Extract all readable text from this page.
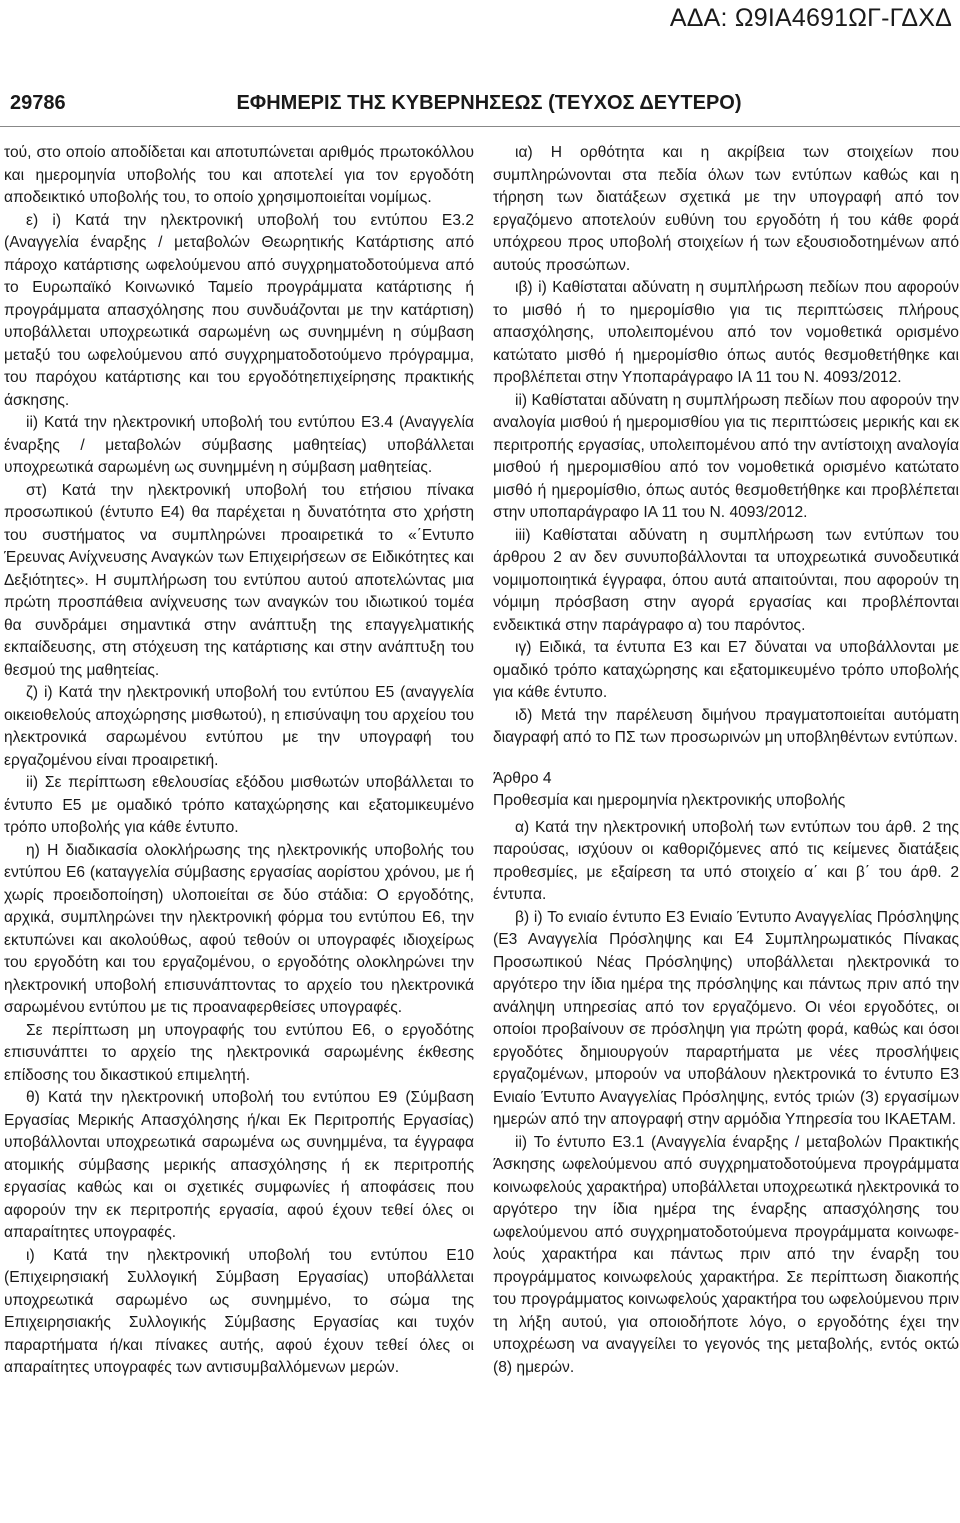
ΑΔΑ: Ω9ΙΑ4691ΩΓ-ΓΔΧΔ
29786	ΕΦΗΜΕΡΙΣ ΤΗΣ ΚΥΒΕΡΝΗΣΕΩΣ (ΤΕΥΧΟΣ ΔΕΥΤΕΡΟ)

τού, στο οποίο αποδίδεται και αποτυπώνεται αριθμός πρωτοκόλλου και ημερομηνία υποβολής του και αποτελεί για τον εργοδότη αποδεικτικό υποβολής του, το οποίο χρησιμοποιείται νομίμως.

ε) i) Κατά την ηλεκτρονική υποβολή του εντύπου Ε3.2 (Αναγγελία έναρξης / μεταβολών Θεωρητικής Κατάρτισης από πάροχο κατάρτισης ωφελούμενου από συγχρηματοδοτούμενα από το Ευρωπαϊκό Κοινωνικό Ταμείο προγράμματα κατάρτισης ή προγράμματα απασχόλησης που συνδυάζονται με την κατάρτιση) υποβάλλεται υποχρεωτικά σαρωμένη ως συνημμένη η σύμβαση μεταξύ του ωφελούμενου από συγχρηματοδοτούμενο πρόγραμμα, του παρόχου κατάρτισης και του εργοδότηεπιχείρησης πρακτικής άσκησης.

ii) Κατά την ηλεκτρονική υποβολή του εντύπου Ε3.4 (Αναγγελία έναρξης / μεταβολών σύμβασης μαθητείας) υποβάλλεται υποχρεωτικά σαρωμένη ως συνημμένη η σύμβαση μαθητείας.

στ) Κατά την ηλεκτρονική υποβολή του ετήσιου πίνακα προσωπικού (έντυπο Ε4) θα παρέχεται η δυνατότητα στο χρήστη του συστήματος να συμπληρώνει προαιρετικά το «΄Εντυπο Έρευνας Ανίχνευσης Αναγκών των Επιχειρήσεων σε Ειδικότητες και Δεξιότητες». Η συμπλήρωση του εντύπου αυτού αποτελώντας μια πρώτη προσπάθεια ανίχνευσης των αναγκών του ιδιωτικού τομέα θα συνδράμει σημαντικά στην ανάπτυξη της επαγγελματικής εκπαίδευσης, στη στόχευση της κατάρτισης και στην ανάπτυξη του θεσμού της μαθητείας.

ζ) i) Κατά την ηλεκτρονική υποβολή του εντύπου Ε5 (αναγγελία οικειοθελούς αποχώρησης μισθωτού), η επισύναψη του αρχείου του ηλεκτρονικά σαρωμένου εντύπου με την υπογραφή του εργαζομένου είναι προαιρετική.

ii) Σε περίπτωση εθελουσίας εξόδου μισθωτών υποβάλλεται το έντυπο Ε5 με ομαδικό τρόπο καταχώρησης και εξατομικευμένο τρόπο υποβολής για κάθε έντυπο.

η) Η διαδικασία ολοκλήρωσης της ηλεκτρονικής υποβολής του εντύπου Ε6 (καταγγελία σύμβασης εργασίας αορίστου χρόνου, με ή χωρίς προειδοποίηση) υλοποιείται σε δύο στάδια: Ο εργοδότης, αρχικά, συμπληρώνει την ηλεκτρονική φόρμα του εντύπου Ε6, την εκτυπώνει και ακολούθως, αφού τεθούν οι υπογραφές ιδιοχείρως του εργοδότη και του εργαζομένου, ο εργοδότης ολοκληρώνει την ηλεκτρονική υποβολή επισυνάπτοντας το αρχείο του ηλεκτρονικά σαρωμένου εντύπου με τις προαναφερθείσες υπογραφές.

Σε περίπτωση μη υπογραφής του εντύπου Ε6, ο εργοδότης επισυνάπτει το αρχείο της ηλεκτρονικά σαρωμένης έκθεσης επίδοσης του δικαστικού επιμελητή.

θ) Κατά την ηλεκτρονική υποβολή του εντύπου Ε9 (Σύμβαση Εργασίας Μερικής Απασχόλησης ή/και Εκ Περιτροπής Εργασίας) υποβάλλονται υποχρεωτικά σαρωμένα ως συνημμένα, τα έγγραφα ατομικής σύμβασης μερικής απασχόλησης ή εκ περιτροπής εργασίας καθώς και οι σχετικές συμφωνίες ή αποφάσεις που αφορούν την εκ περιτροπής εργασία, αφού έχουν τεθεί όλες οι απαραίτητες υπογραφές.

ι) Κατά την ηλεκτρονική υποβολή του εντύπου Ε10 (Επιχειρησιακή Συλλογική Σύμβαση Εργασίας) υποβάλλεται υποχρεωτικά σαρωμένο ως συνημμένο, το σώμα της Επιχειρησιακής Συλλογικής Σύμβασης Εργασίας και τυχόν παραρτήματα ή/και πίνακες αυτής, αφού έχουν τεθεί όλες οι απαραίτητες υπογραφές των αντισυμβαλλόμενων μερών.

ια) Η ορθότητα και η ακρίβεια των στοιχείων που συμπληρώνονται στα πεδία όλων των εντύπων καθώς και η τήρηση των διατάξεων σχετικά με την υπογραφή από τον εργαζόμενο αποτελούν ευθύνη του εργοδότη ή του κάθε φορά υπόχρεου προς υποβολή στοιχείων ή των εξουσιοδοτημένων από αυτούς προσώπων.

ιβ) i) Καθίσταται αδύνατη η συμπλήρωση πεδίων που αφορούν το μισθό ή το ημερομίσθιο για τις περιπτώσεις πλήρους απασχόλησης, υπολειπομένου από τον νομοθετικά ορισμένο κατώτατο μισθό ή ημερομίσθιο όπως αυτός θεσμοθετήθηκε και προβλέπεται στην Υποπαράγραφο ΙΑ 11 του Ν. 4093/2012.

ii) Καθίσταται αδύνατη η συμπλήρωση πεδίων που αφορούν την αναλογία μισθού ή ημερομισθίου για τις περιπτώσεις μερικής και εκ περιτροπής εργασίας, υπολειπομένου από την αντίστοιχη αναλογία μισθού ή ημερομισθίου από τον νομοθετικά ορισμένο κατώτατο μισθό ή ημερομίσθιο, όπως αυτός θεσμοθετήθηκε και προβλέπεται στην υποπαράγραφο ΙΑ 11 του Ν. 4093/2012.

iii) Καθίσταται αδύνατη η συμπλήρωση των εντύπων του άρθρου 2 αν δεν συνυποβάλλονται τα υποχρεωτικά συνοδευτικά νομιμοποιητικά έγγραφα, όπου αυτά απαιτούνται, που αφορούν τη νόμιμη πρόσβαση στην αγορά εργασίας και προβλέπονται ενδεικτικά στην παράγραφο α) του παρόντος.

ιγ) Ειδικά, τα έντυπα Ε3 και Ε7 δύναται να υποβάλλονται με ομαδικό τρόπο καταχώρησης και εξατομικευμένο τρόπο υποβολής για κάθε έντυπο.

ιδ) Μετά την παρέλευση διμήνου πραγματοποιείται αυτόματη διαγραφή από το ΠΣ των προσωρινών μη υποβληθέντων εντύπων.

Άρθρο 4

Προθεσμία και ημερομηνία ηλεκτρονικής υποβολής

α) Κατά την ηλεκτρονική υποβολή των εντύπων του άρθ. 2 της παρούσας, ισχύουν οι καθοριζόμενες από τις κείμενες διατάξεις προθεσμίες, με εξαίρεση τα υπό στοιχείο α΄ και β΄ του άρθ. 2 έντυπα.

β) i) Το ενιαίο έντυπο Ε3 Ενιαίο Έντυπο Αναγγελίας Πρόσληψης (Ε3 Αναγγελία Πρόσληψης και Ε4 Συμπληρωματικός Πίνακας Προσωπικού Νέας Πρόσληψης) υποβάλλεται ηλεκτρονικά το αργότερο την ίδια ημέρα της πρόσληψης και πάντως πριν από την ανάληψη υπηρεσίας από τον εργαζόμενο. Οι νέοι εργοδότες, οι οποίοι προβαίνουν σε πρόσληψη για πρώτη φορά, καθώς και όσοι εργοδότες δημιουργούν παραρτήματα με νέες προσλήψεις εργαζομένων, μπορούν να υποβάλουν ηλεκτρονικά το έντυπο Ε3 Ενιαίο Έντυπο Αναγγελίας Πρόσληψης, εντός τριών (3) εργασίμων ημερών από την απογραφή στην αρμόδια Υπηρεσία του ΙΚΑΕΤΑΜ.

ii) Το έντυπο Ε3.1 (Αναγγελία έναρξης / μεταβολών Πρακτικής Άσκησης ωφελούμενου από συγχρηματοδοτούμενα προγράμματα κοινωφελούς χαρακτήρα) υποβάλλεται υποχρεωτικά ηλεκτρονικά το αργότερο την ίδια ημέρα της έναρξης απασχόλησης του ωφελούμενου από συγχρηματοδοτούμενα προγράμματα κοινωφελούς χαρακτήρα και πάντως πριν από την έναρξη του προγράμματος κοινωφελούς χαρακτήρα. Σε περίπτωση διακοπής του προγράμματος κοινωφελούς χαρακτήρα του ωφελούμενου πριν τη λήξη αυτού, για οποιοδήποτε λόγο, ο εργοδότης έχει την υποχρέωση να αναγγείλει το γεγονός της μεταβολής, εντός οκτώ (8) ημερών.
